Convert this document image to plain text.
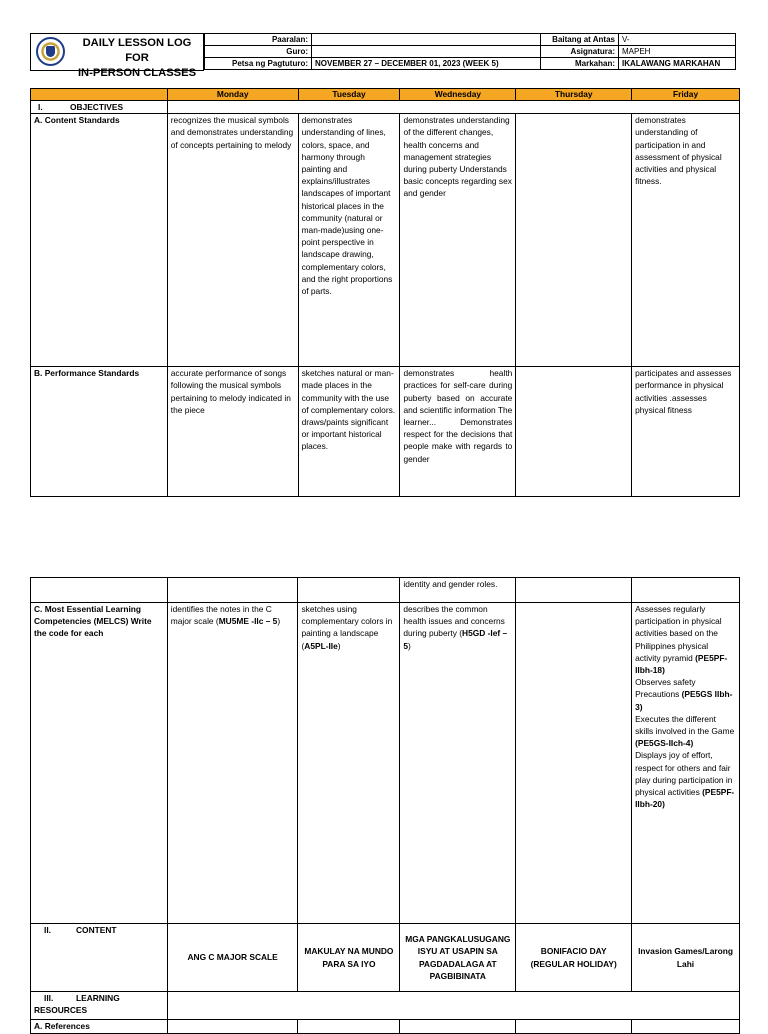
DAILY LESSON LOG FOR
IN-PERSON CLASSES
Paaralan:		Baitang at Antas	V-
Guro:		Asignatura:	MAPEH
Petsa ng Pagtuturo:	NOVEMBER 27 – DECEMBER 01, 2023 (WEEK 5)	Markahan:	IKALAWANG MARKAHAN
	Monday	Tuesday	Wednesday	Thursday	Friday
I. OBJECTIVES					
A. Content Standards	recognizes the musical symbols and demonstrates understanding of concepts pertaining to melody	demonstrates understanding of lines, colors, space, and harmony through painting and explains/illustrates landscapes of important historical places in the community (natural or man-made)using one-point perspective in landscape drawing, complementary colors, and the right proportions of parts.	demonstrates understanding of the different changes, health concerns and management strategies during puberty Understands basic concepts regarding sex and gender		demonstrates understanding of participation in and assessment of physical activities and physical fitness.
B. Performance Standards	accurate performance of songs following the musical symbols pertaining to melody indicated in the piece	sketches natural or man-made places in the community with the use of complementary colors. draws/paints significant or important historical places.	demonstrates health practices for self-care during puberty based on accurate and scientific information The learner... Demonstrates respect for the decisions that people make with regards to gender		participates and assesses performance in physical activities .assesses physical fitness
			identity and gender roles.		
C. Most Essential Learning Competencies (MELCS) Write the code for each	identifies the notes in the C major scale (MU5ME -IIc – 5)	sketches using complementary colors in painting a landscape (A5PL-IIe)	describes the common health issues and concerns during puberty (H5GD -Ief – 5)		Assesses regularly participation in physical activities based on the Philippines physical activity pyramid (PE5PF-IIbh-18)
Observes safety Precautions (PE5GS IIbh-3)
Executes the different skills involved in the Game (PE5GS-IIch-4)
Displays joy of effort, respect for others and fair play during participation in physical activities (PE5PF-IIbh-20)
II. CONTENT	ANG C MAJOR SCALE	MAKULAY NA MUNDO PARA SA IYO	MGA PANGKALUSUGANG ISYU AT USAPIN SA PAGDADALAGA AT PAGBIBINATA	BONIFACIO DAY (REGULAR HOLIDAY)	Invasion Games/Larong Lahi
III. LEARNING RESOURCES					
A. References					
